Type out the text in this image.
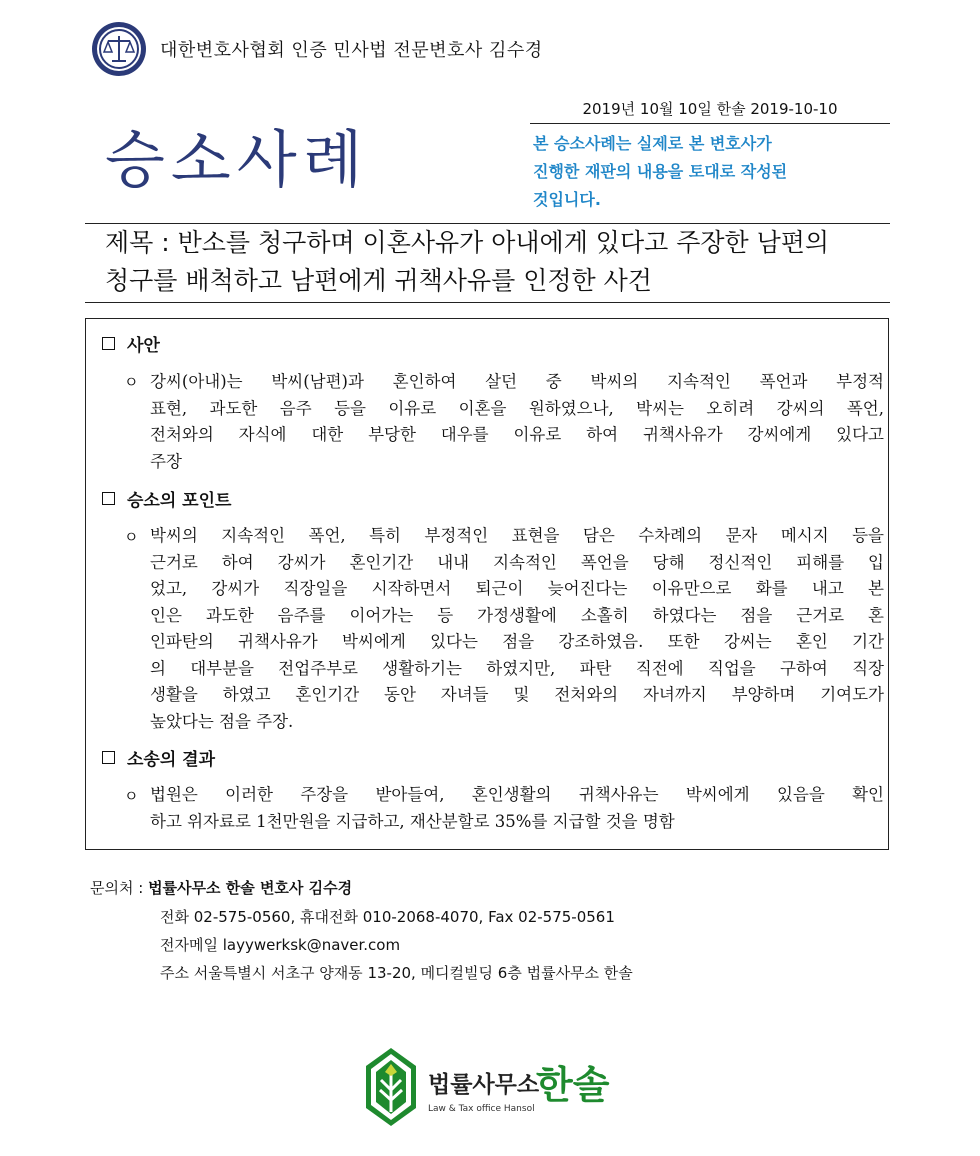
대한변호사협회 인증 민사법 전문변호사 김수경
2019년 10월 10일 한솔 2019-10-10
승소사례	본 승소사례는 실제로 본 변호사가
진행한 재판의 내용을 토대로 작성된
것입니다.
제목 : 반소를 청구하며 이혼사유가 아내에게 있다고 주장한 남편의
청구를 배척하고 남편에게 귀책사유를 인정한 사건
사안
ㅇ 강씨(아내)는 박씨(남편)과 혼인하여 살던 중 박씨의 지속적인 폭언과 부정적
표현, 과도한 음주 등을 이유로 이혼을 원하였으나, 박씨는 오히려 강씨의 폭언,
전처와의 자식에 대한 부당한 대우를 이유로 하여 귀책사유가 강씨에게 있다고
주장
승소의 포인트
ㅇ 박씨의 지속적인 폭언, 특히 부정적인 표현을 담은 수차례의 문자 메시지 등을
근거로 하여 강씨가 혼인기간 내내 지속적인 폭언을 당해 정신적인 피해를 입
었고, 강씨가 직장일을 시작하면서 퇴근이 늦어진다는 이유만으로 화를 내고 본
인은 과도한 음주를 이어가는 등 가정생활에 소홀히 하였다는 점을 근거로 혼
인파탄의 귀책사유가 박씨에게 있다는 점을 강조하였음. 또한 강씨는 혼인 기간
의 대부분을 전업주부로 생활하기는 하였지만, 파탄 직전에 직업을 구하여 직장
생활을 하였고 혼인기간 동안 자녀들 및 전처와의 자녀까지 부양하며 기여도가
높았다는 점을 주장.
소송의 결과
ㅇ 법원은 이러한 주장을 받아들여, 혼인생활의 귀책사유는 박씨에게 있음을 확인
하고 위자료로 1천만원을 지급하고, 재산분할로 35%를 지급할 것을 명함
문의처 : 법률사무소 한솔 변호사 김수경
전화 02-575-0560, 휴대전화 010-2068-4070, Fax 02-575-0561
전자메일 layywerksk@naver.com
주소 서울특별시 서초구 양재동 13-20, 메디컬빌딩 6층 법률사무소 한솔
법률사무소
한솔
Law & Tax office Hansol
